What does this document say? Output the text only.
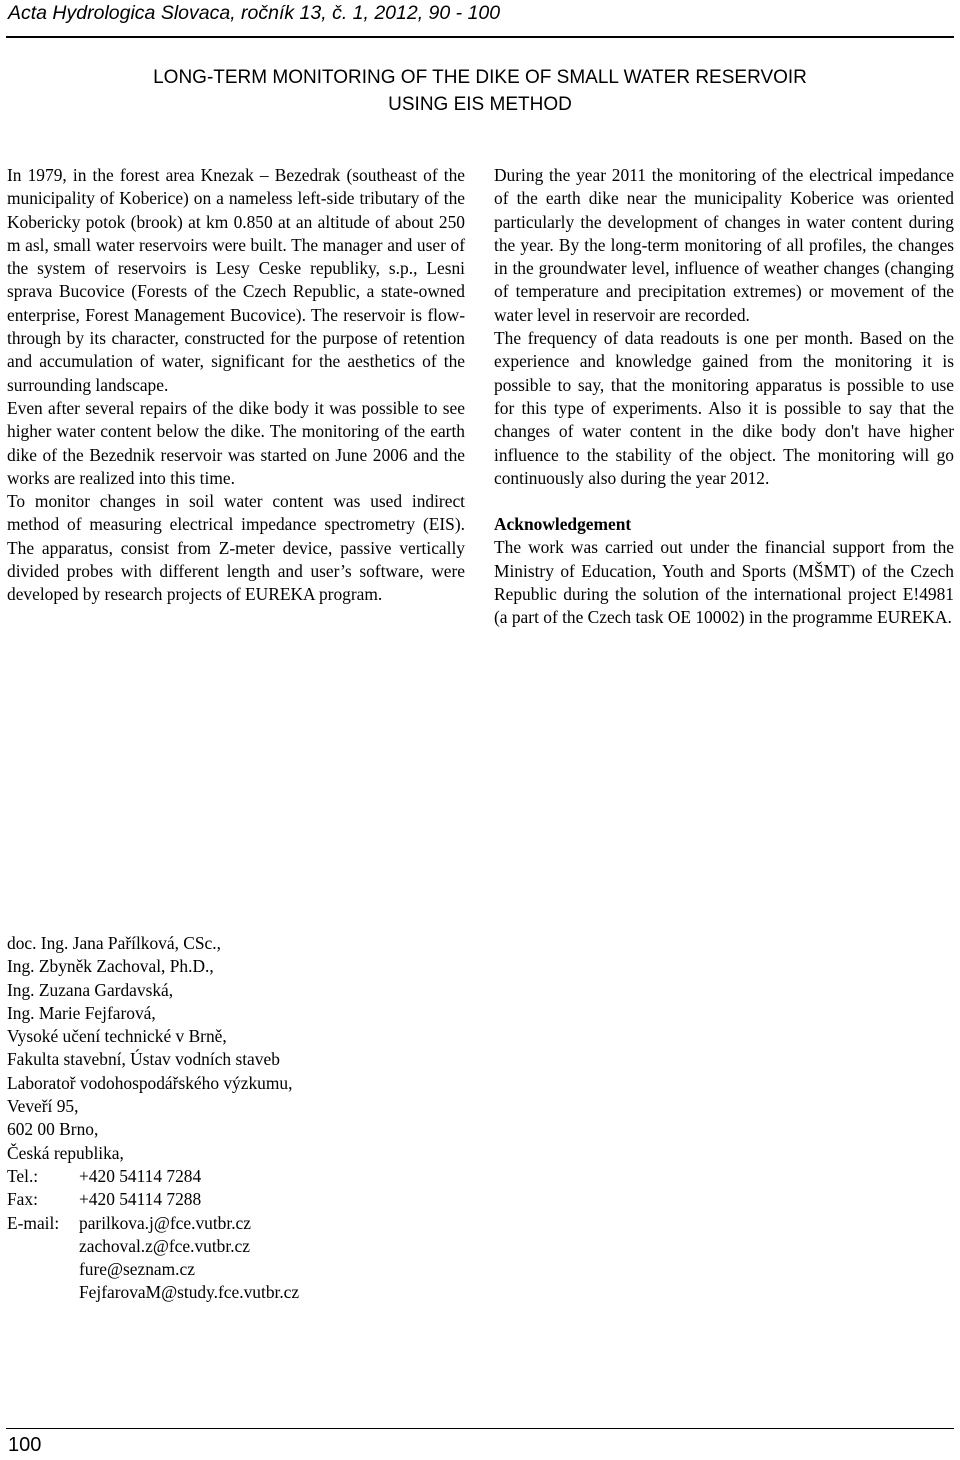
Acta Hydrologica Slovaca, ročník 13, č. 1, 2012, 90 - 100
LONG-TERM MONITORING OF THE DIKE OF SMALL WATER RESERVOIR
USING EIS METHOD

In 1979, in the forest area Knezak – Bezedrak (southeast of the municipality of Koberice) on a nameless left-side tributary of the Kobericky potok (brook) at km 0.850 at an altitude of about 250 m asl, small water reservoirs were built. The manager and user of the system of reservoirs is Lesy Ceske republiky, s.p., Lesni sprava Bucovice (Forests of the Czech Republic, a state-owned enterprise, Forest Management Bucovice). The reservoir is flow-through by its character, constructed for the purpose of retention and accumulation of water, significant for the aesthetics of the surrounding landscape.

Even after several repairs of the dike body it was possible to see higher water content below the dike. The monitoring of the earth dike of the Bezednik reservoir was started on June 2006 and the works are realized into this time.

To monitor changes in soil water content was used indirect method of measuring electrical impedance spectrometry (EIS). The apparatus, consist from Z-meter device, passive vertically divided probes with different length and user’s software, were developed by research projects of EUREKA program.

During the year 2011 the monitoring of the electrical impedance of the earth dike near the municipality Koberice was oriented particularly the development of changes in water content during the year. By the long-term monitoring of all profiles, the changes in the groundwater level, influence of weather changes (changing of temperature and precipitation extremes) or movement of the water level in reservoir are recorded.

The frequency of data readouts is one per month. Based on the experience and knowledge gained from the monitoring it is possible to say, that the monitoring apparatus is possible to use for this type of experiments. Also it is possible to say that the changes of water content in the dike body don't have higher influence to the stability of the object. The monitoring will go continuously also during the year 2012.

Acknowledgement

The work was carried out under the financial support from the Ministry of Education, Youth and Sports (MŠMT) of the Czech Republic during the solution of the international project E!4981 (a part of the Czech task OE 10002) in the programme EUREKA.

doc. Ing. Jana Pařílková, CSc.,
Ing. Zbyněk Zachoval, Ph.D.,
Ing. Zuzana Gardavská,
Ing. Marie Fejfarová,
Vysoké učení technické v Brně,
Fakulta stavební, Ústav vodních staveb
Laboratoř vodohospodářského výzkumu,
Veveří 95,
602 00 Brno,
Česká republika,
Tel.: +420 54114 7284
Fax: +420 54114 7288
E-mail: parilkova.j@fce.vutbr.cz
zachoval.z@fce.vutbr.cz
fure@seznam.cz
FejfarovaM@study.fce.vutbr.cz
100
